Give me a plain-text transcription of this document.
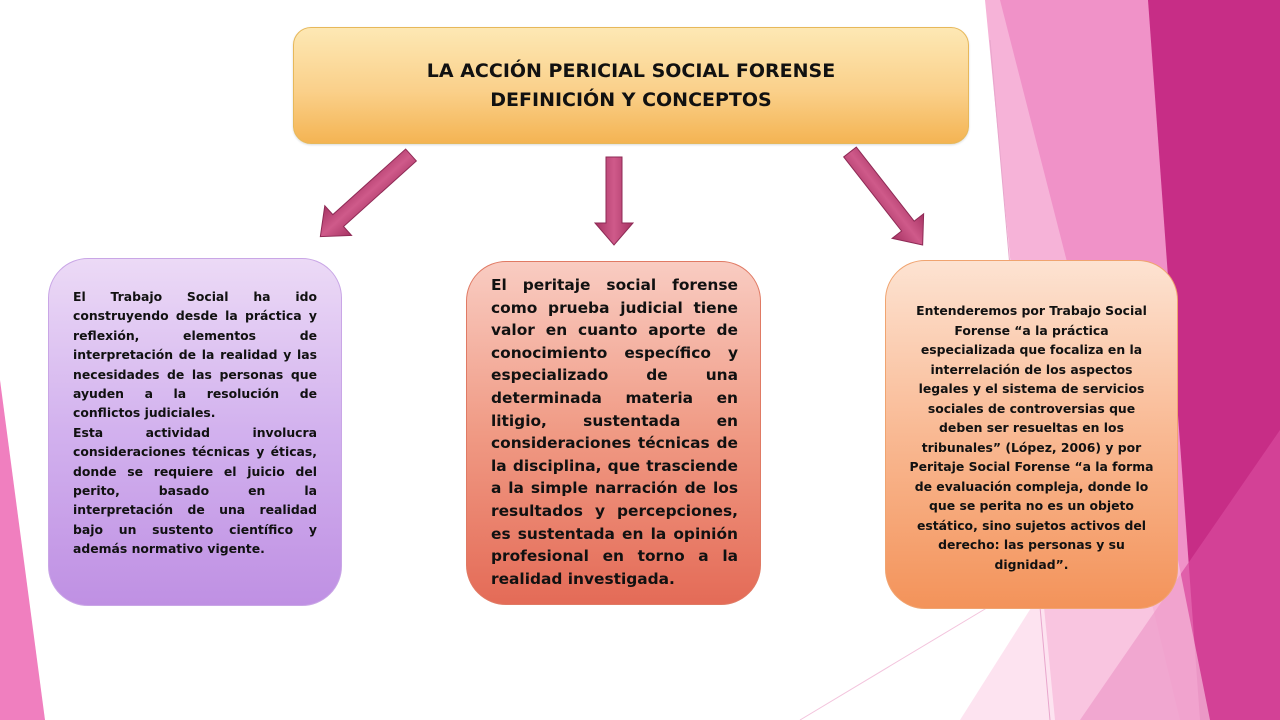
LA ACCIÓN PERICIAL SOCIAL FORENSE
DEFINICIÓN Y CONCEPTOS

El Trabajo Social ha ido construyendo desde la práctica y reflexión, elementos de interpretación de la realidad y las necesidades de las personas que ayuden a la resolución de conflictos judiciales.

Esta actividad involucra consideraciones técnicas y éticas, donde se requiere el juicio del perito, basado en la interpretación de una realidad bajo un sustento científico y además normativo vigente.

El peritaje social forense como prueba judicial tiene valor en cuanto aporte de conocimiento específico y especializado de una determinada materia en litigio, sustentada en consideraciones técnicas de la disciplina, que trasciende a la simple narración de los resultados y percepciones, es sustentada en la opinión profesional en torno a la realidad investigada.

Entenderemos por Trabajo Social Forense “a la práctica especializada que focaliza en la interrelación de los aspectos legales y el sistema de servicios sociales de controversias que deben ser resueltas en los tribunales” (López, 2006) y por Peritaje Social Forense “a la forma de evaluación compleja, donde lo que se perita no es un objeto estático, sino sujetos activos del derecho: las personas y su dignidad”.
